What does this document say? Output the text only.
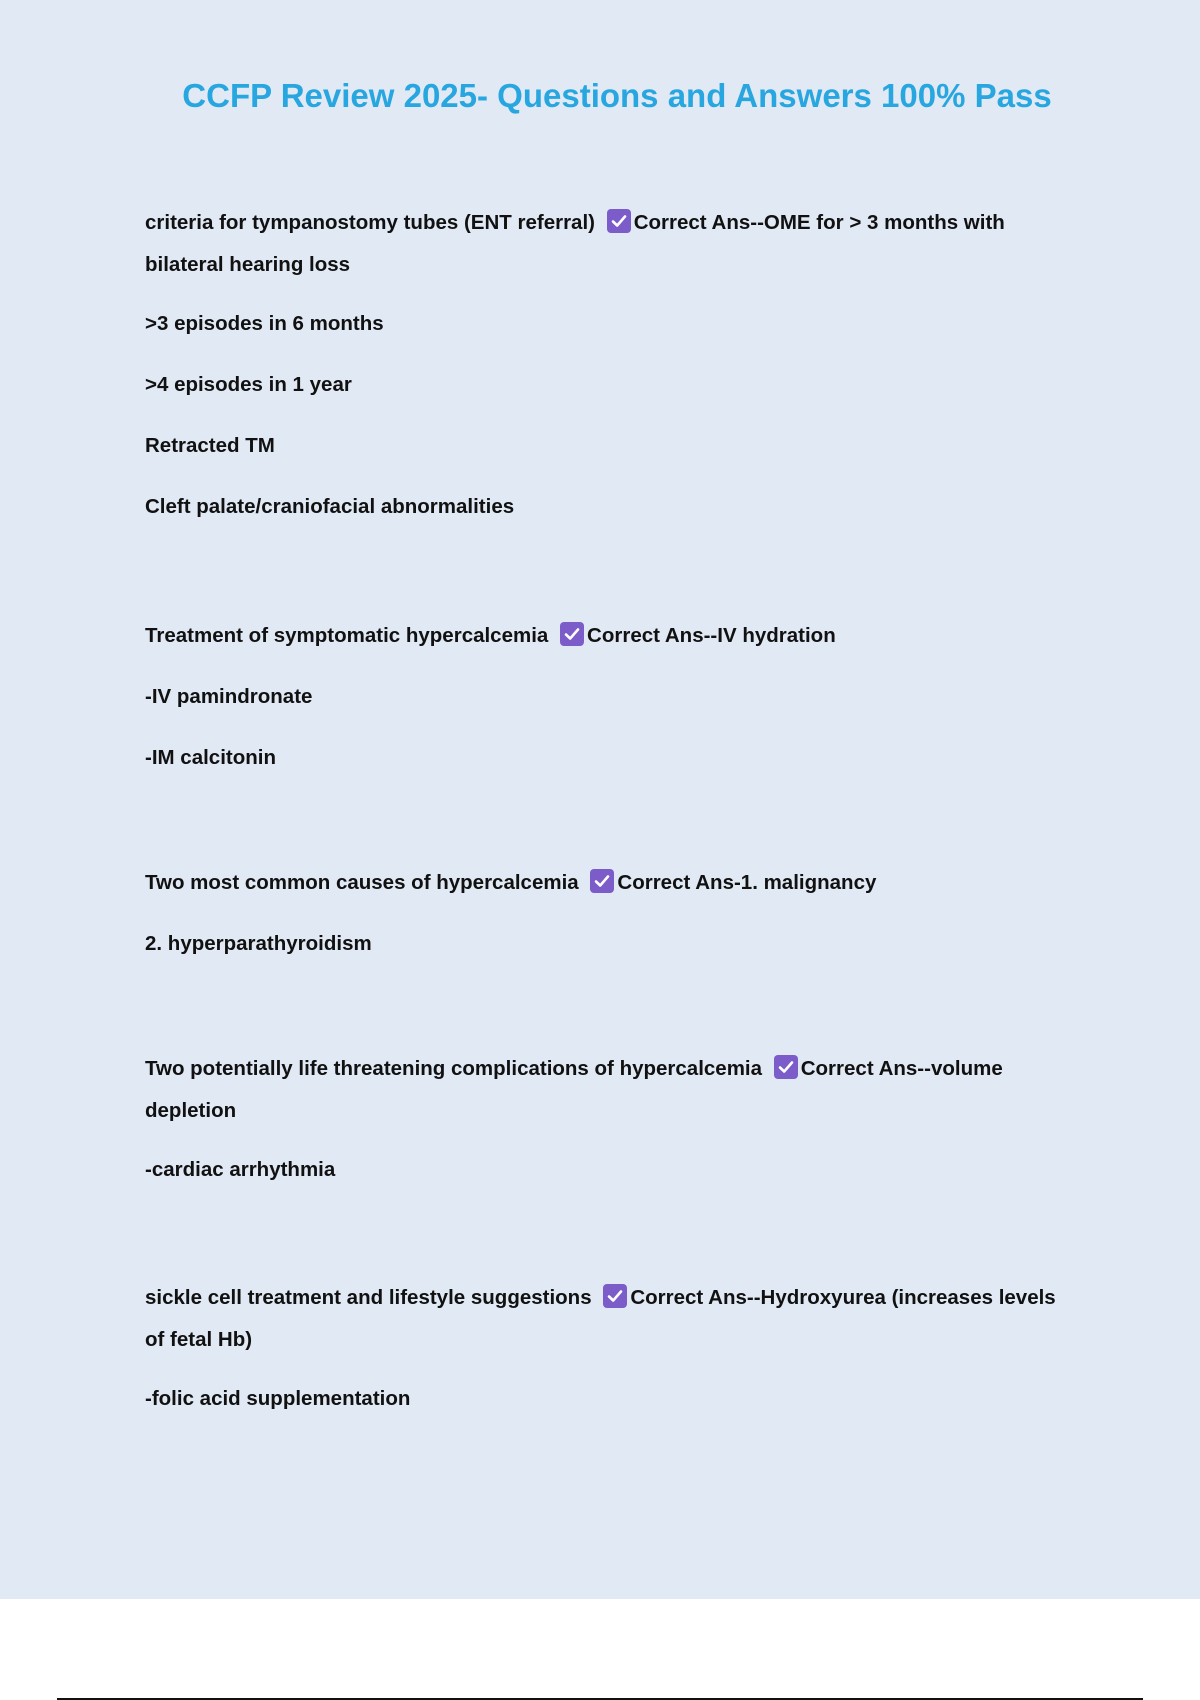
CCFP Review 2025- Questions and Answers 100% Pass

criteria for tympanostomy tubes (ENT referral) Correct Ans--OME for > 3 months with

bilateral hearing loss

>3 episodes in 6 months

>4 episodes in 1 year

Retracted TM

Cleft palate/craniofacial abnormalities

Treatment of symptomatic hypercalcemia Correct Ans--IV hydration

-IV pamindronate

-IM calcitonin

Two most common causes of hypercalcemia Correct Ans-1. malignancy

2. hyperparathyroidism

Two potentially life threatening complications of hypercalcemia Correct Ans--volume

depletion

-cardiac arrhythmia

sickle cell treatment and lifestyle suggestions Correct Ans--Hydroxyurea (increases levels

of fetal Hb)

-folic acid supplementation
